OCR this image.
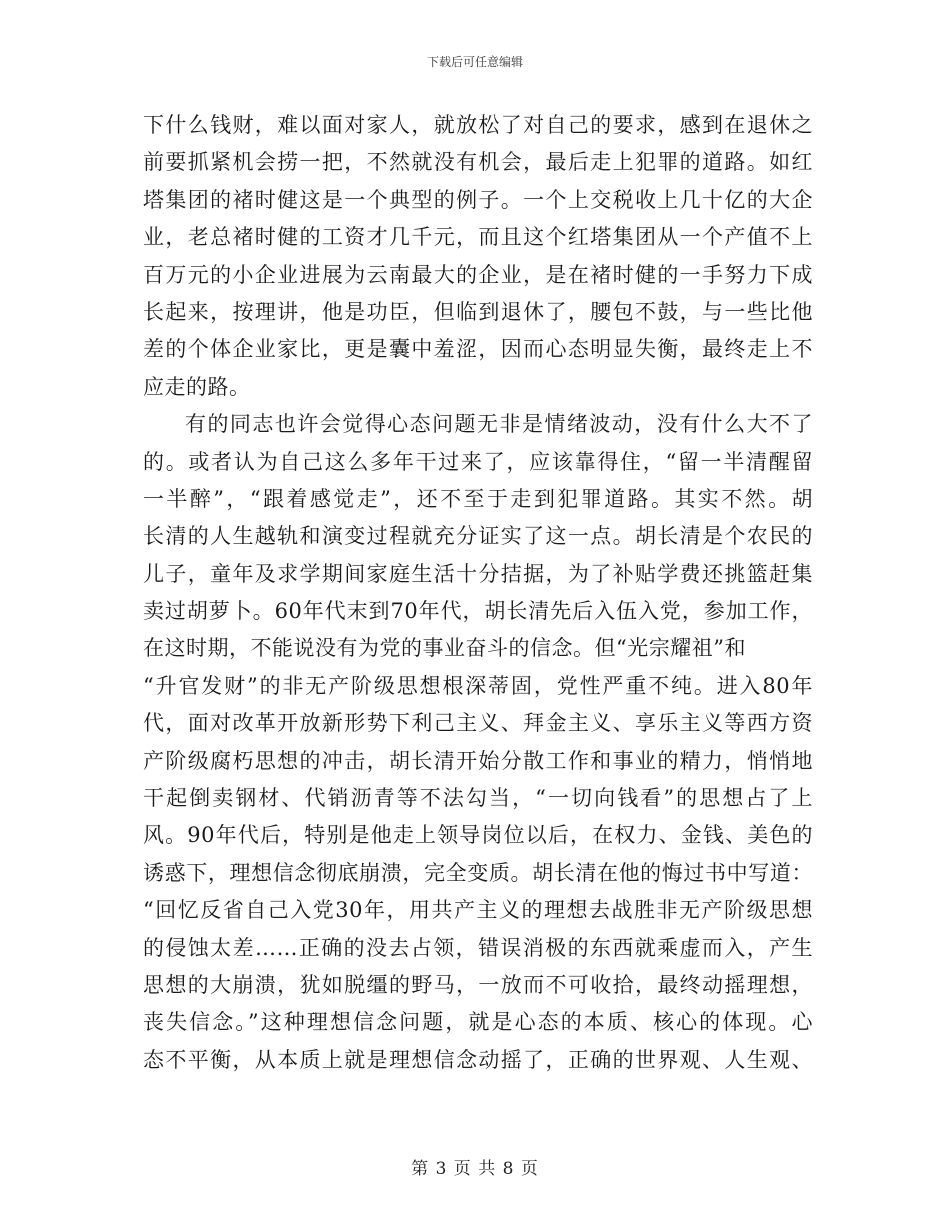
下载后可任意编辑
下什么钱财，难以面对家人，就放松了对自己的要求，感到在退休之
前要抓紧机会捞一把，不然就没有机会，最后走上犯罪的道路。如红
塔集团的褚时健这是一个典型的例子。一个上交税收上几十亿的大企
业，老总褚时健的工资才几千元，而且这个红塔集团从一个产值不上
百万元的小企业进展为云南最大的企业，是在褚时健的一手努力下成
长起来，按理讲，他是功臣，但临到退休了，腰包不鼓，与一些比他
差的个体企业家比，更是囊中羞涩，因而心态明显失衡，最终走上不
应走的路。
有的同志也许会觉得心态问题无非是情绪波动，没有什么大不了
的。或者认为自己这么多年干过来了，应该靠得住，“留一半清醒留
一半醉”，“跟着感觉走”，还不至于走到犯罪道路。其实不然。胡
长清的人生越轨和演变过程就充分证实了这一点。胡长清是个农民的
儿子，童年及求学期间家庭生活十分拮据，为了补贴学费还挑篮赶集
卖过胡萝卜。60年代末到70年代，胡长清先后入伍入党，参加工作，
在这时期，不能说没有为党的事业奋斗的信念。但“光宗耀祖”和
“升官发财”的非无产阶级思想根深蒂固，党性严重不纯。进入80年
代，面对改革开放新形势下利己主义、拜金主义、享乐主义等西方资
产阶级腐朽思想的冲击，胡长清开始分散工作和事业的精力，悄悄地
干起倒卖钢材、代销沥青等不法勾当，“一切向钱看”的思想占了上
风。90年代后，特别是他走上领导岗位以后，在权力、金钱、美色的
诱惑下，理想信念彻底崩溃，完全变质。胡长清在他的悔过书中写道：
“回忆反省自己入党30年，用共产主义的理想去战胜非无产阶级思想
的侵蚀太差……正确的没去占领，错误消极的东西就乘虚而入，产生
思想的大崩溃，犹如脱缰的野马，一放而不可收拾，最终动摇理想，
丧失信念。”这种理想信念问题，就是心态的本质、核心的体现。心
态不平衡，从本质上就是理想信念动摇了，正确的世界观、人生观、
第 3 页 共 8 页
